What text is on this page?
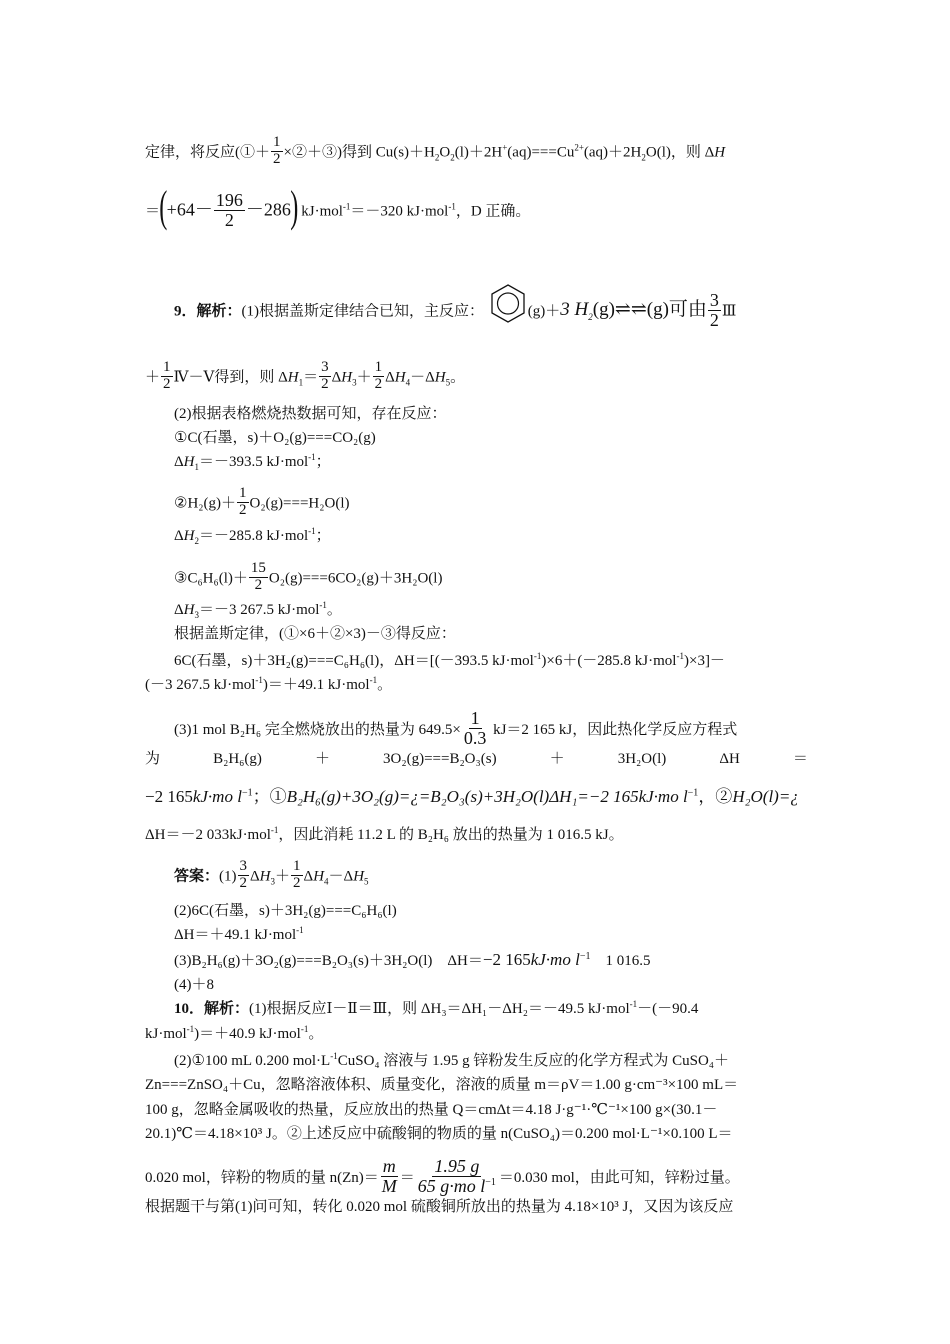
定律，将反应(①＋ $\frac{1}{2}$ ×②＋③)得到 $Cu(s)+H_2O_2(l)+2H^+(aq)===Cu^{2+}(aq)+2H_2O(l)$，则 ΔH
$=(+64- \frac{196}{2} -286)$ kJ·mol$^{-1}$＝－320 kJ·mol$^{-1}$，D 正确。
9．解析：(1)根据盖斯定律结合已知，主反应：	(g)＋3 $H_2(g)\rightleftharpoons\rightleftharpoons(g)$可由 $\frac{3}{2}$ Ⅲ
＋ $\frac{1}{2}$ Ⅳ－Ⅴ得到，则 $\Delta H_1= \frac{3}{2} \Delta H_3+ \frac{1}{2} \Delta H_4-\Delta H_5$。
(2)根据表格燃烧热数据可知，存在反应：
①C(石墨，s)＋O₂(g)===CO₂(g)
$\Delta H_1=-393.5$ kJ·mol$^{-1}$；
②H₂(g)＋ $\frac{1}{2} O_2(g)===H_2O(l)$
$\Delta H_2=-285.8$ kJ·mol$^{-1}$；
③C₆H₆(l)＋ $\frac{15}{2} O_2(g)===6CO_2(g)+3H_2O(l)$
$\Delta H_3=-3$ 267.5 kJ·mol$^{-1}$。
根据盖斯定律，(①×6＋②×3)－③得反应：
6C(石墨，s)＋3H₂(g)===C₆H₆(l)，ΔH＝[(－393.5 kJ·mol$^{-1}$)×6＋(－285.8 kJ·mol$^{-1}$)×3]－
(－3 267.5 kJ·mol$^{-1}$)＝＋49.1 kJ·mol$^{-1}$。
(3)1 mol B₂H₆ 完全燃烧放出的热量为 $649.5\times \frac{1}{0.3} kJ=2$ 165 kJ，因此热化学反应方程式
为	B₂H₆(g)	＋	3O₂(g)===B₂O₃(s)	＋	3H₂O(l)	ΔH	＝
−2 165kJ·mo $l^{-1}$；①B₂H₆(g)+3O₂(g)=¿=B₂O₃(s)+3H₂O(l)ΔH₁=−2 165kJ·mo $l^{-1}$，②H₂O(l)=¿
ΔH＝－2 033kJ·mol$^{-1}$，因此消耗 11.2 L 的 B₂H₆ 放出的热量为 1 016.5 kJ。
答案：$(1) \frac{3}{2} \Delta H_3+ \frac{1}{2} \Delta H_4-\Delta H_5$
(2)6C(石墨，s)＋3H₂(g)===C₆H₆(l)
ΔH＝＋49.1 kJ·mol$^{-1}$
(3)B₂H₆(g)＋3O₂(g)===B₂O₃(s)＋3H₂O(l)　ΔH＝−2 165kJ·mo $l^{-1}$　1 016.5
(4)＋8
10．解析：(1)根据反应Ⅰ－Ⅱ＝Ⅲ，则 ΔH₃＝ΔH₁－ΔH₂＝－49.5 kJ·mol$^{-1}$－(－90.4
kJ·mol$^{-1}$)＝＋40.9 kJ·mol$^{-1}$。
(2)①100 mL 0.200 $mol\cdot L^{-1}CuSO_4$ 溶液与 1.95 g 锌粉发生反应的化学方程式为 CuSO₄＋
Zn===ZnSO₄＋Cu，忽略溶液体积、质量变化，溶液的质量 m＝ρV＝1.00 g·cm⁻³×100 mL＝
100 g，忽略金属吸收的热量，反应放出的热量 Q＝cmΔt＝4.18 J·g⁻¹·℃⁻¹×100 g×(30.1－
20.1)℃＝4.18×10³ J。②上述反应中硫酸铜的物质的量 n(CuSO₄)＝0.200 mol·L⁻¹×0.100 L＝
0.020 mol，锌粉的物质的量 $n(Zn)= \frac{m}{M} = \frac{1.95 g}{65 g\cdot mo l^{-1}} =0.030$ mol，由此可知，锌粉过量。
根据题干与第(1)问可知，转化 0.020 mol 硫酸铜所放出的热量为 4.18×10³ J，又因为该反应
